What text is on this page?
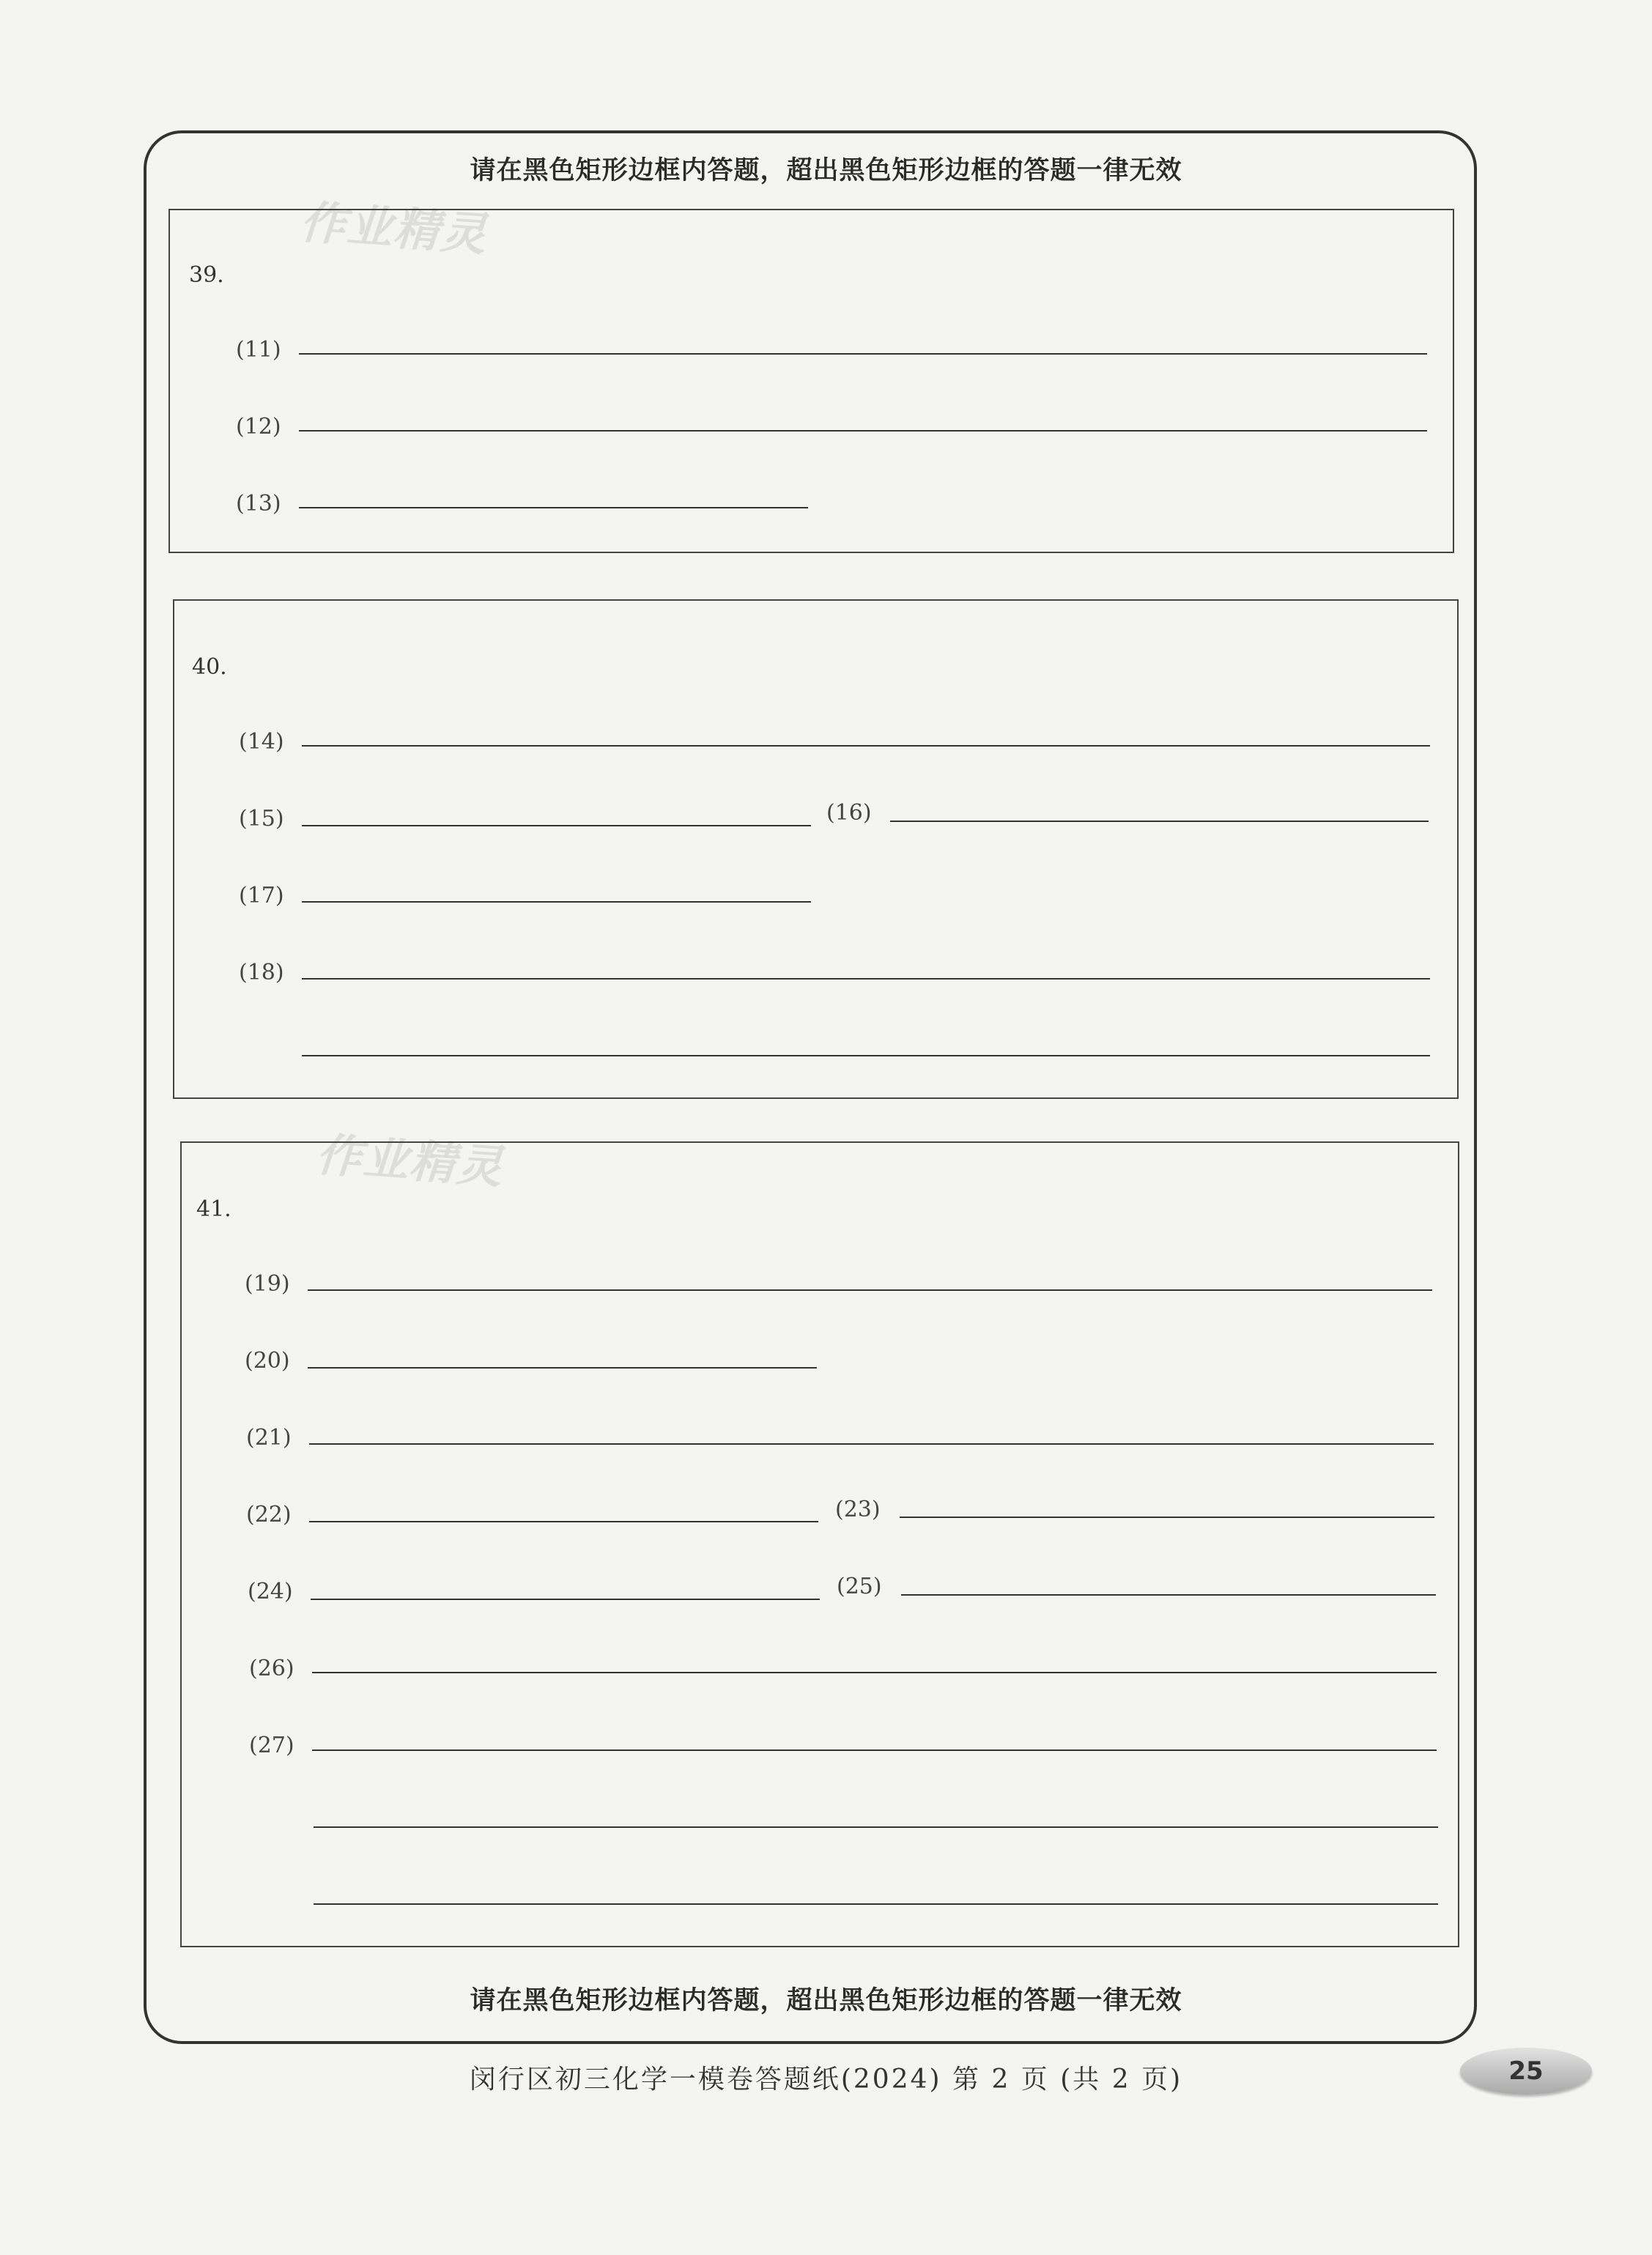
请在黑色矩形边框内答题，超出黑色矩形边框的答题一律无效
作业精灵
作业精灵
39.
(11)
(12)
(13)
40.
(14)
(15)	(16)
(17)
(18)
41.
(19)
(20)
(21)
(22)	(23)
(24)	(25)
(26)
(27)
请在黑色矩形边框内答题，超出黑色矩形边框的答题一律无效
闵行区初三化学一模卷答题纸(2024) 第 2 页 (共 2 页)	25
